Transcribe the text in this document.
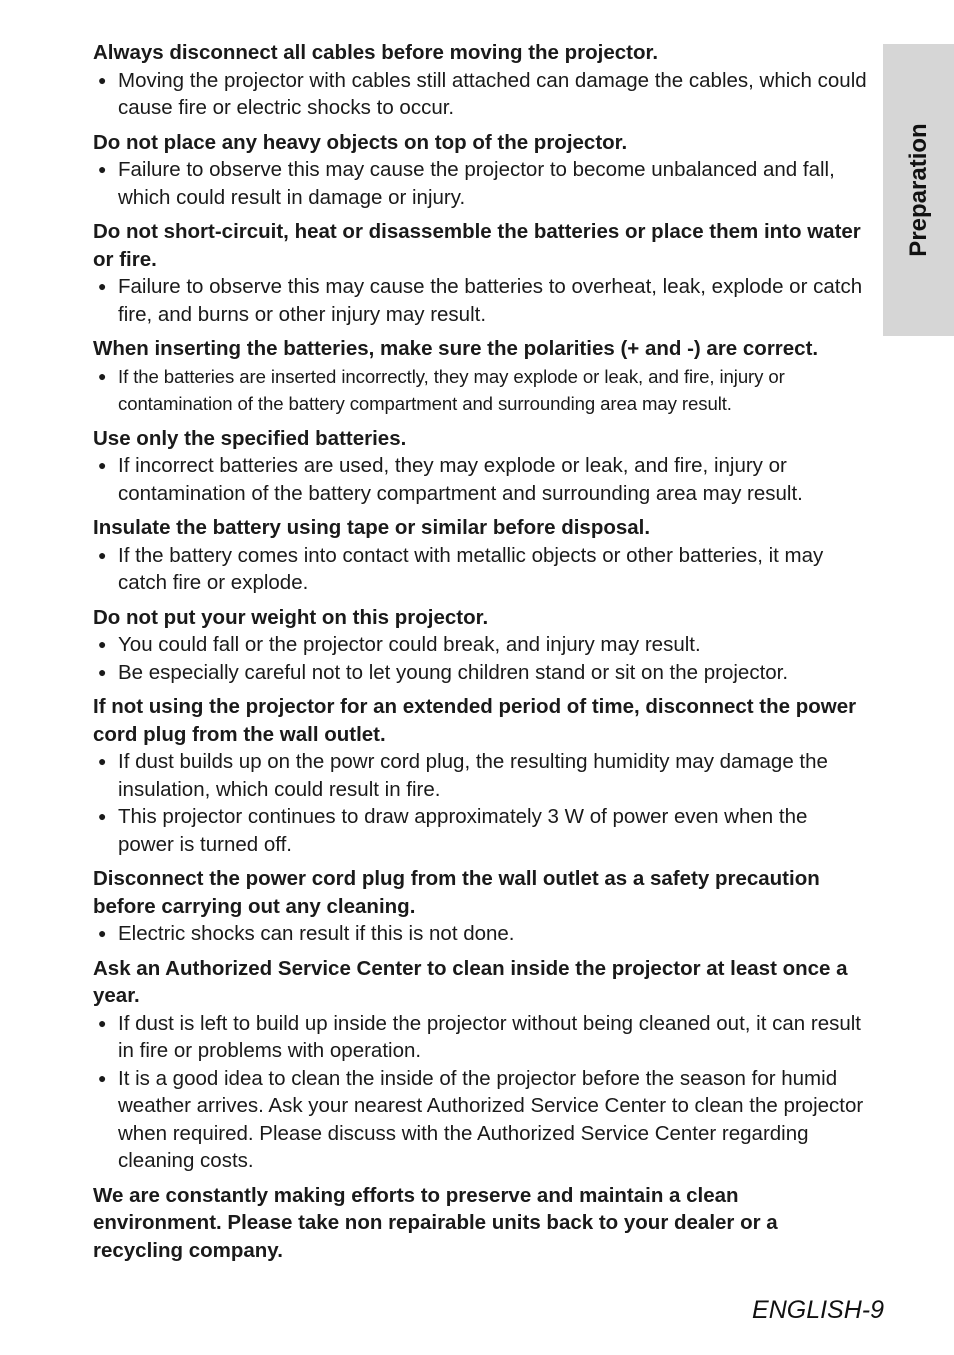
Preparation
Always disconnect all cables before moving the projector.
● Moving the projector with cables still attached can damage the cables, which could cause fire or electric shocks to occur.
Do not place any heavy objects on top of the projector.
● Failure to observe this may cause the projector to become unbalanced and fall, which could result in damage or injury.
Do not short-circuit, heat or disassemble the batteries or place them into water or fire.
● Failure to observe this may cause the batteries to overheat, leak, explode or catch fire, and burns or other injury may result.
When inserting the batteries, make sure the polarities (+ and -) are correct.
● If the batteries are inserted incorrectly, they may explode or leak, and fire, injury or contamination of the battery compartment and surrounding area may result.
Use only the specified batteries.
● If incorrect batteries are used, they may explode or leak, and fire, injury or contamination of the battery compartment and surrounding area may result.
Insulate the battery using tape or similar before disposal.
● If the battery comes into contact with metallic objects or other batteries, it may catch fire or explode.
Do not put your weight on this projector.
● You could fall or the projector could break, and injury may result.
● Be especially careful not to let young children stand or sit on the projector.
If not using the projector for an extended period of time, disconnect the power cord plug from the wall outlet.
● If dust builds up on the powr cord plug, the resulting humidity may damage the insulation, which could result in fire.
● This projector continues to draw approximately 3 W of power even when the power is turned off.
Disconnect the power cord plug from the wall outlet as a safety precaution before carrying out any cleaning.
● Electric shocks can result if this is not done.
Ask an Authorized Service Center to clean inside the projector at least once a year.
● If dust is left to build up inside the projector without being cleaned out, it can result in fire or problems with operation.
● It is a good idea to clean the inside of the projector before the season for humid weather arrives. Ask your nearest Authorized Service Center to clean the projector when required. Please discuss with the Authorized Service Center regarding cleaning costs.
We are constantly making efforts to preserve and maintain a clean environment. Please take non repairable units back to your dealer or a recycling company.
ENGLISH-9
